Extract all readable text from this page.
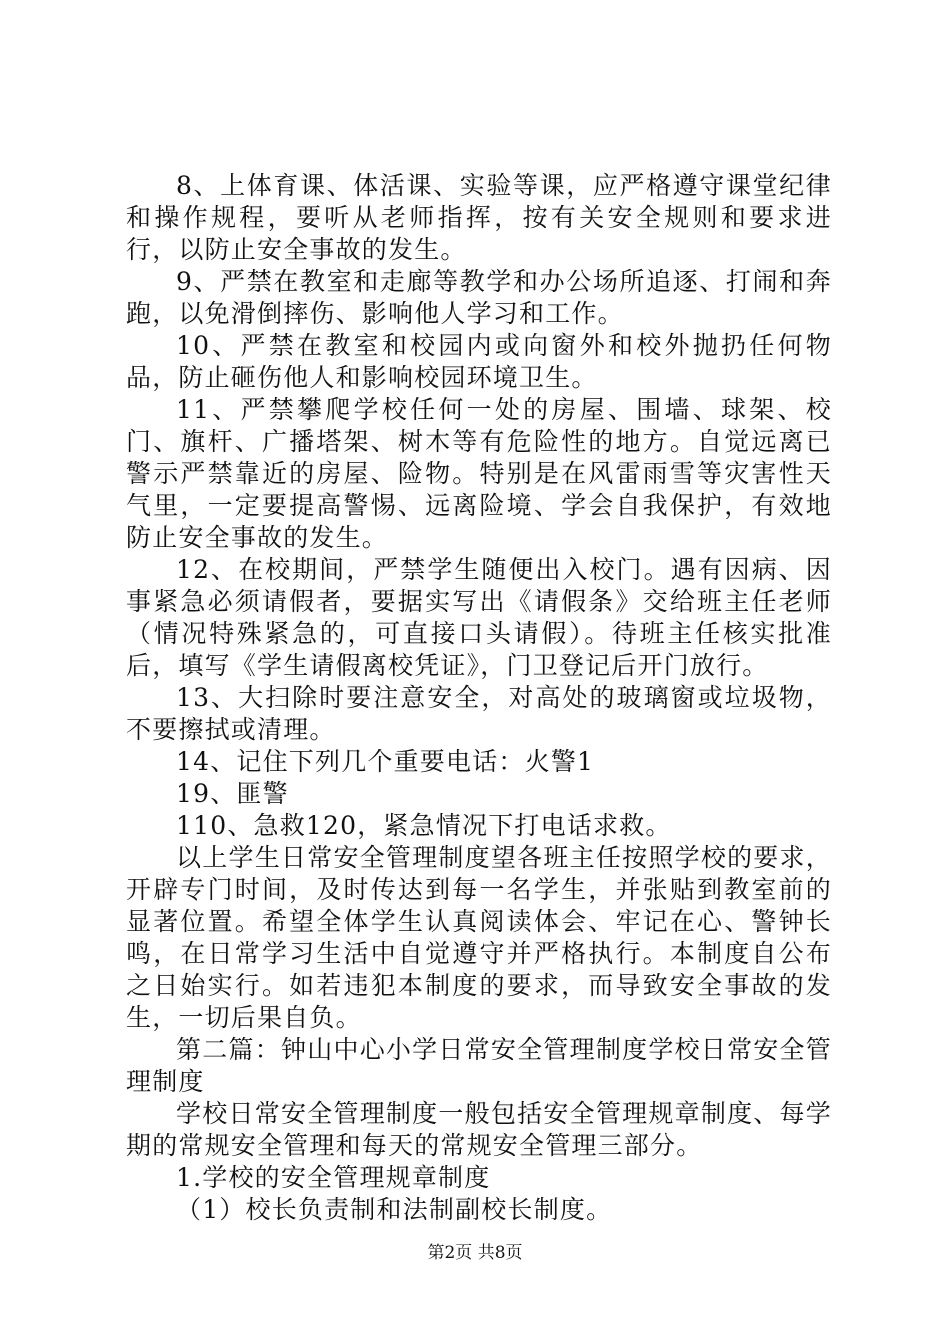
8、上体育课、体活课、实验等课，应严格遵守课堂纪律和操作规程，要听从老师指挥，按有关安全规则和要求进行，以防止安全事故的发生。

9、严禁在教室和走廊等教学和办公场所追逐、打闹和奔跑，以免滑倒摔伤、影响他人学习和工作。

10、严禁在教室和校园内或向窗外和校外抛扔任何物品，防止砸伤他人和影响校园环境卫生。

11、严禁攀爬学校任何一处的房屋、围墙、球架、校门、旗杆、广播塔架、树木等有危险性的地方。自觉远离已警示严禁靠近的房屋、险物。特别是在风雷雨雪等灾害性天气里，一定要提高警惕、远离险境、学会自我保护，有效地防止安全事故的发生。

12、在校期间，严禁学生随便出入校门。遇有因病、因事紧急必须请假者，要据实写出《请假条》交给班主任老师（情况特殊紧急的，可直接口头请假）。待班主任核实批准后，填写《学生请假离校凭证》，门卫登记后开门放行。

13、大扫除时要注意安全，对高处的玻璃窗或垃圾物，不要擦拭或清理。

14、记住下列几个重要电话：火警1

19、匪警

110、急救120，紧急情况下打电话求救。

以上学生日常安全管理制度望各班主任按照学校的要求，开辟专门时间，及时传达到每一名学生，并张贴到教室前的显著位置。希望全体学生认真阅读体会、牢记在心、警钟长鸣，在日常学习生活中自觉遵守并严格执行。本制度自公布之日始实行。如若违犯本制度的要求，而导致安全事故的发生，一切后果自负。

第二篇：钟山中心小学日常安全管理制度学校日常安全管理制度

学校日常安全管理制度一般包括安全管理规章制度、每学期的常规安全管理和每天的常规安全管理三部分。

1.学校的安全管理规章制度

（1）校长负责制和法制副校长制度。

第2页 共8页
